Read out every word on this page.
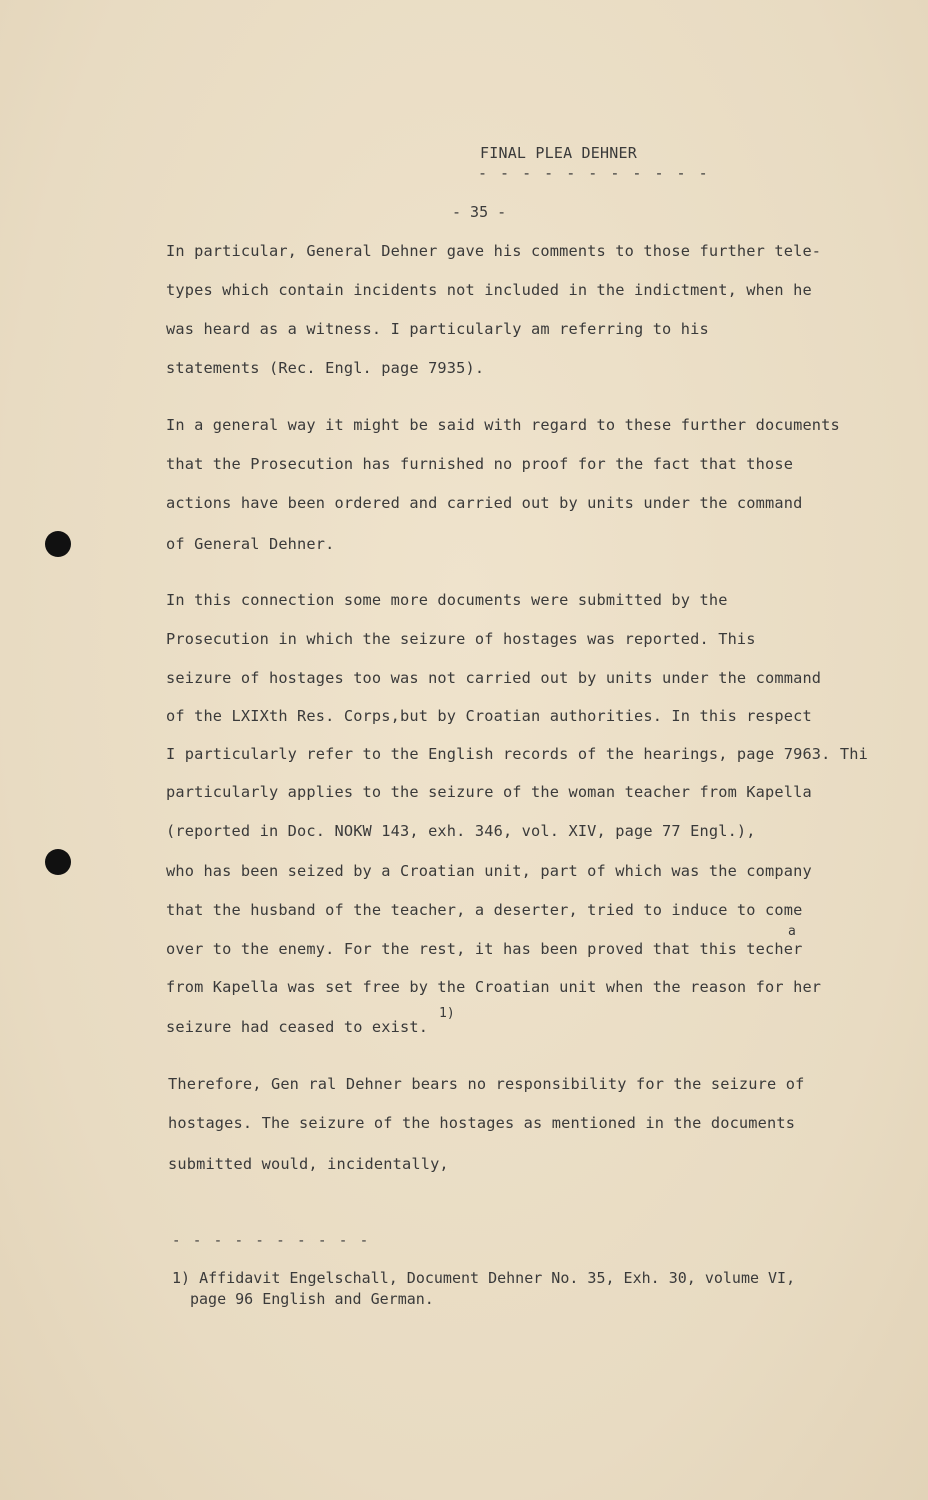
FINAL PLEA DEHNER
- - - - - - - - - - -
- 35 -
In particular, General Dehner gave his comments to those further tele-
types which contain incidents not included in the indictment, when he
was heard as a witness. I particularly am referring to his
statements (Rec. Engl. page 7935).
In a general way it might be said with regard to these further documents
that the Prosecution has furnished no proof for the fact that those
actions have been ordered and carried out by units under the command
of General Dehner.
In this connection some more documents were submitted by the
Prosecution in which the seizure of hostages was reported. This
seizure of hostages too was not carried out by units under the command
of the LXIXth Res. Corps,but by Croatian authorities. In this respect
I particularly refer to the English records of the hearings, page 7963. Thi
particularly applies to the seizure of the woman teacher from Kapella
(reported in Doc. NOKW 143, exh. 346, vol. XIV, page 77 Engl.),
who has been seized by a Croatian unit, part of which was the company
that the husband of the teacher, a deserter, tried to induce to come
a
over to the enemy. For the rest, it has been proved that this techer
from Kapella was set free by the Croatian unit when the reason for her
seizure had ceased to exist.
1)
Therefore, Gen ral Dehner bears no responsibility for the seizure of
hostages. The seizure of the hostages as mentioned in the documents
submitted would, incidentally,
- - - - - - - - - -
1) Affidavit Engelschall, Document Dehner No. 35, Exh. 30, volume VI,
page 96 English and German.
